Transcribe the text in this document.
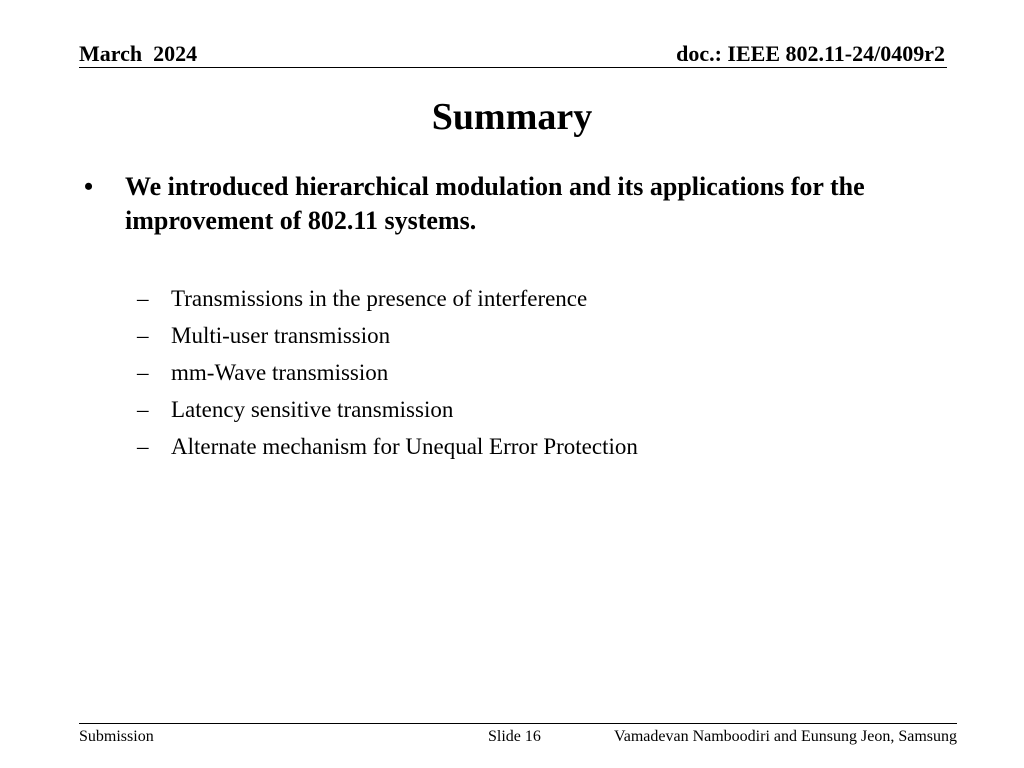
March  2024	doc.: IEEE 802.11-24/0409r2
Summary
•	We introduced hierarchical modulation and its applications for the improvement of 802.11 systems.
– Transmissions in the presence of interference
– Multi-user transmission
– mm-Wave transmission
– Latency sensitive transmission
– Alternate mechanism for Unequal Error Protection
Submission	Slide 16	Vamadevan Namboodiri and Eunsung Jeon, Samsung
